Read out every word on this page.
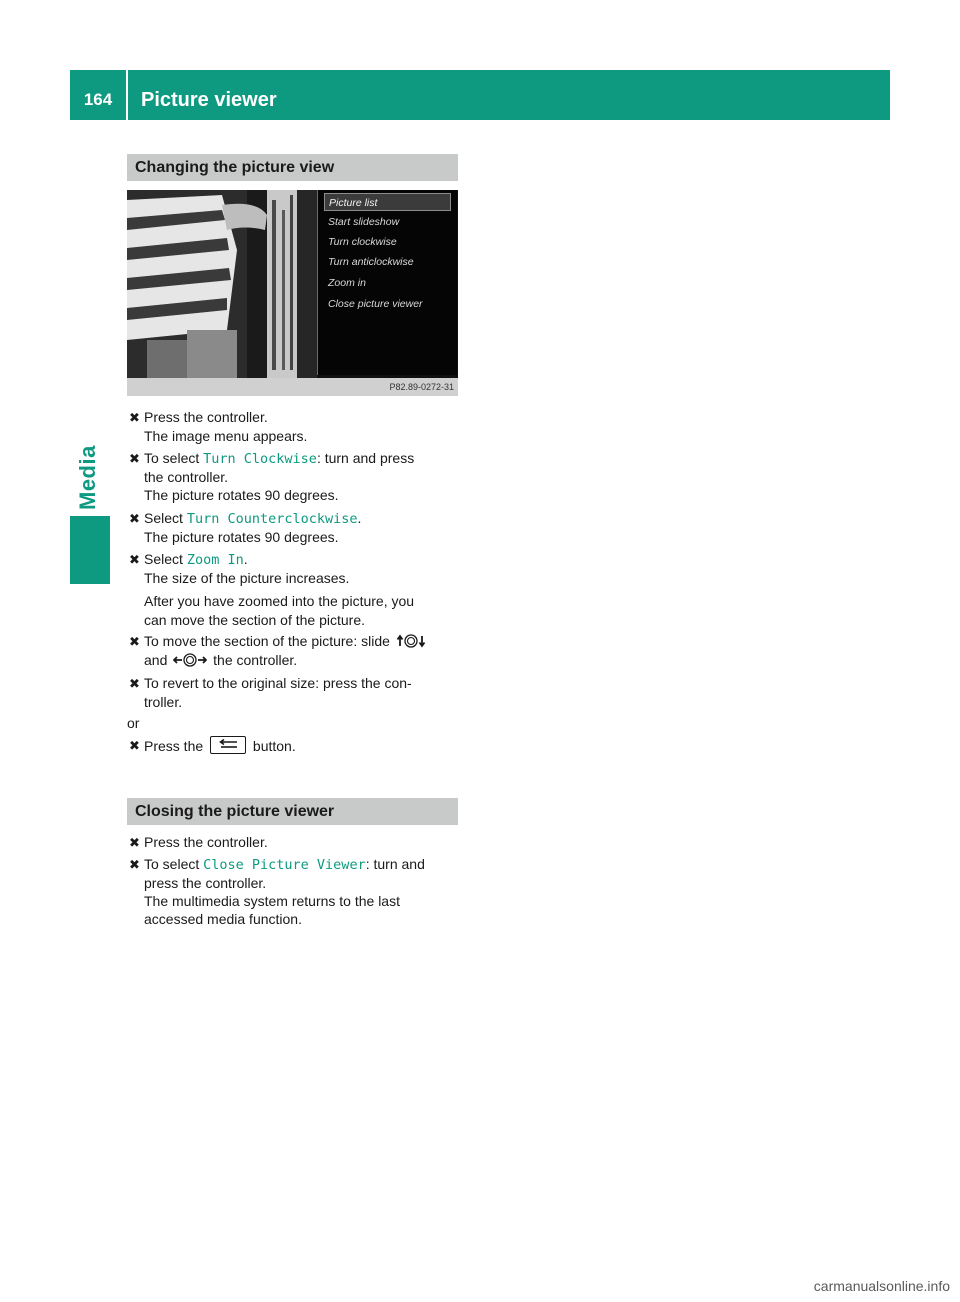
164	Picture viewer
Media
Changing the picture view
Picture list
Start slideshow
Turn clockwise
Turn anticlockwise
Zoom in
Close picture viewer
P82.89-0272-31
✖ Press the controller.
The image menu appears.
✖ To select Turn Clockwise: turn and press
the controller.
The picture rotates 90 degrees.
✖ Select Turn Counterclockwise.
The picture rotates 90 degrees.
✖ Select Zoom In.
The size of the picture increases.
After you have zoomed into the picture, you
can move the section of the picture.
✖ To move the section of the picture: slide
and	the controller.
✖ To revert to the original size: press the con-
troller.
or
✖ Press the	button.
Closing the picture viewer
✖ Press the controller.
✖ To select Close Picture Viewer: turn and
press the controller.
The multimedia system returns to the last
accessed media function.
carmanualsonline.info
